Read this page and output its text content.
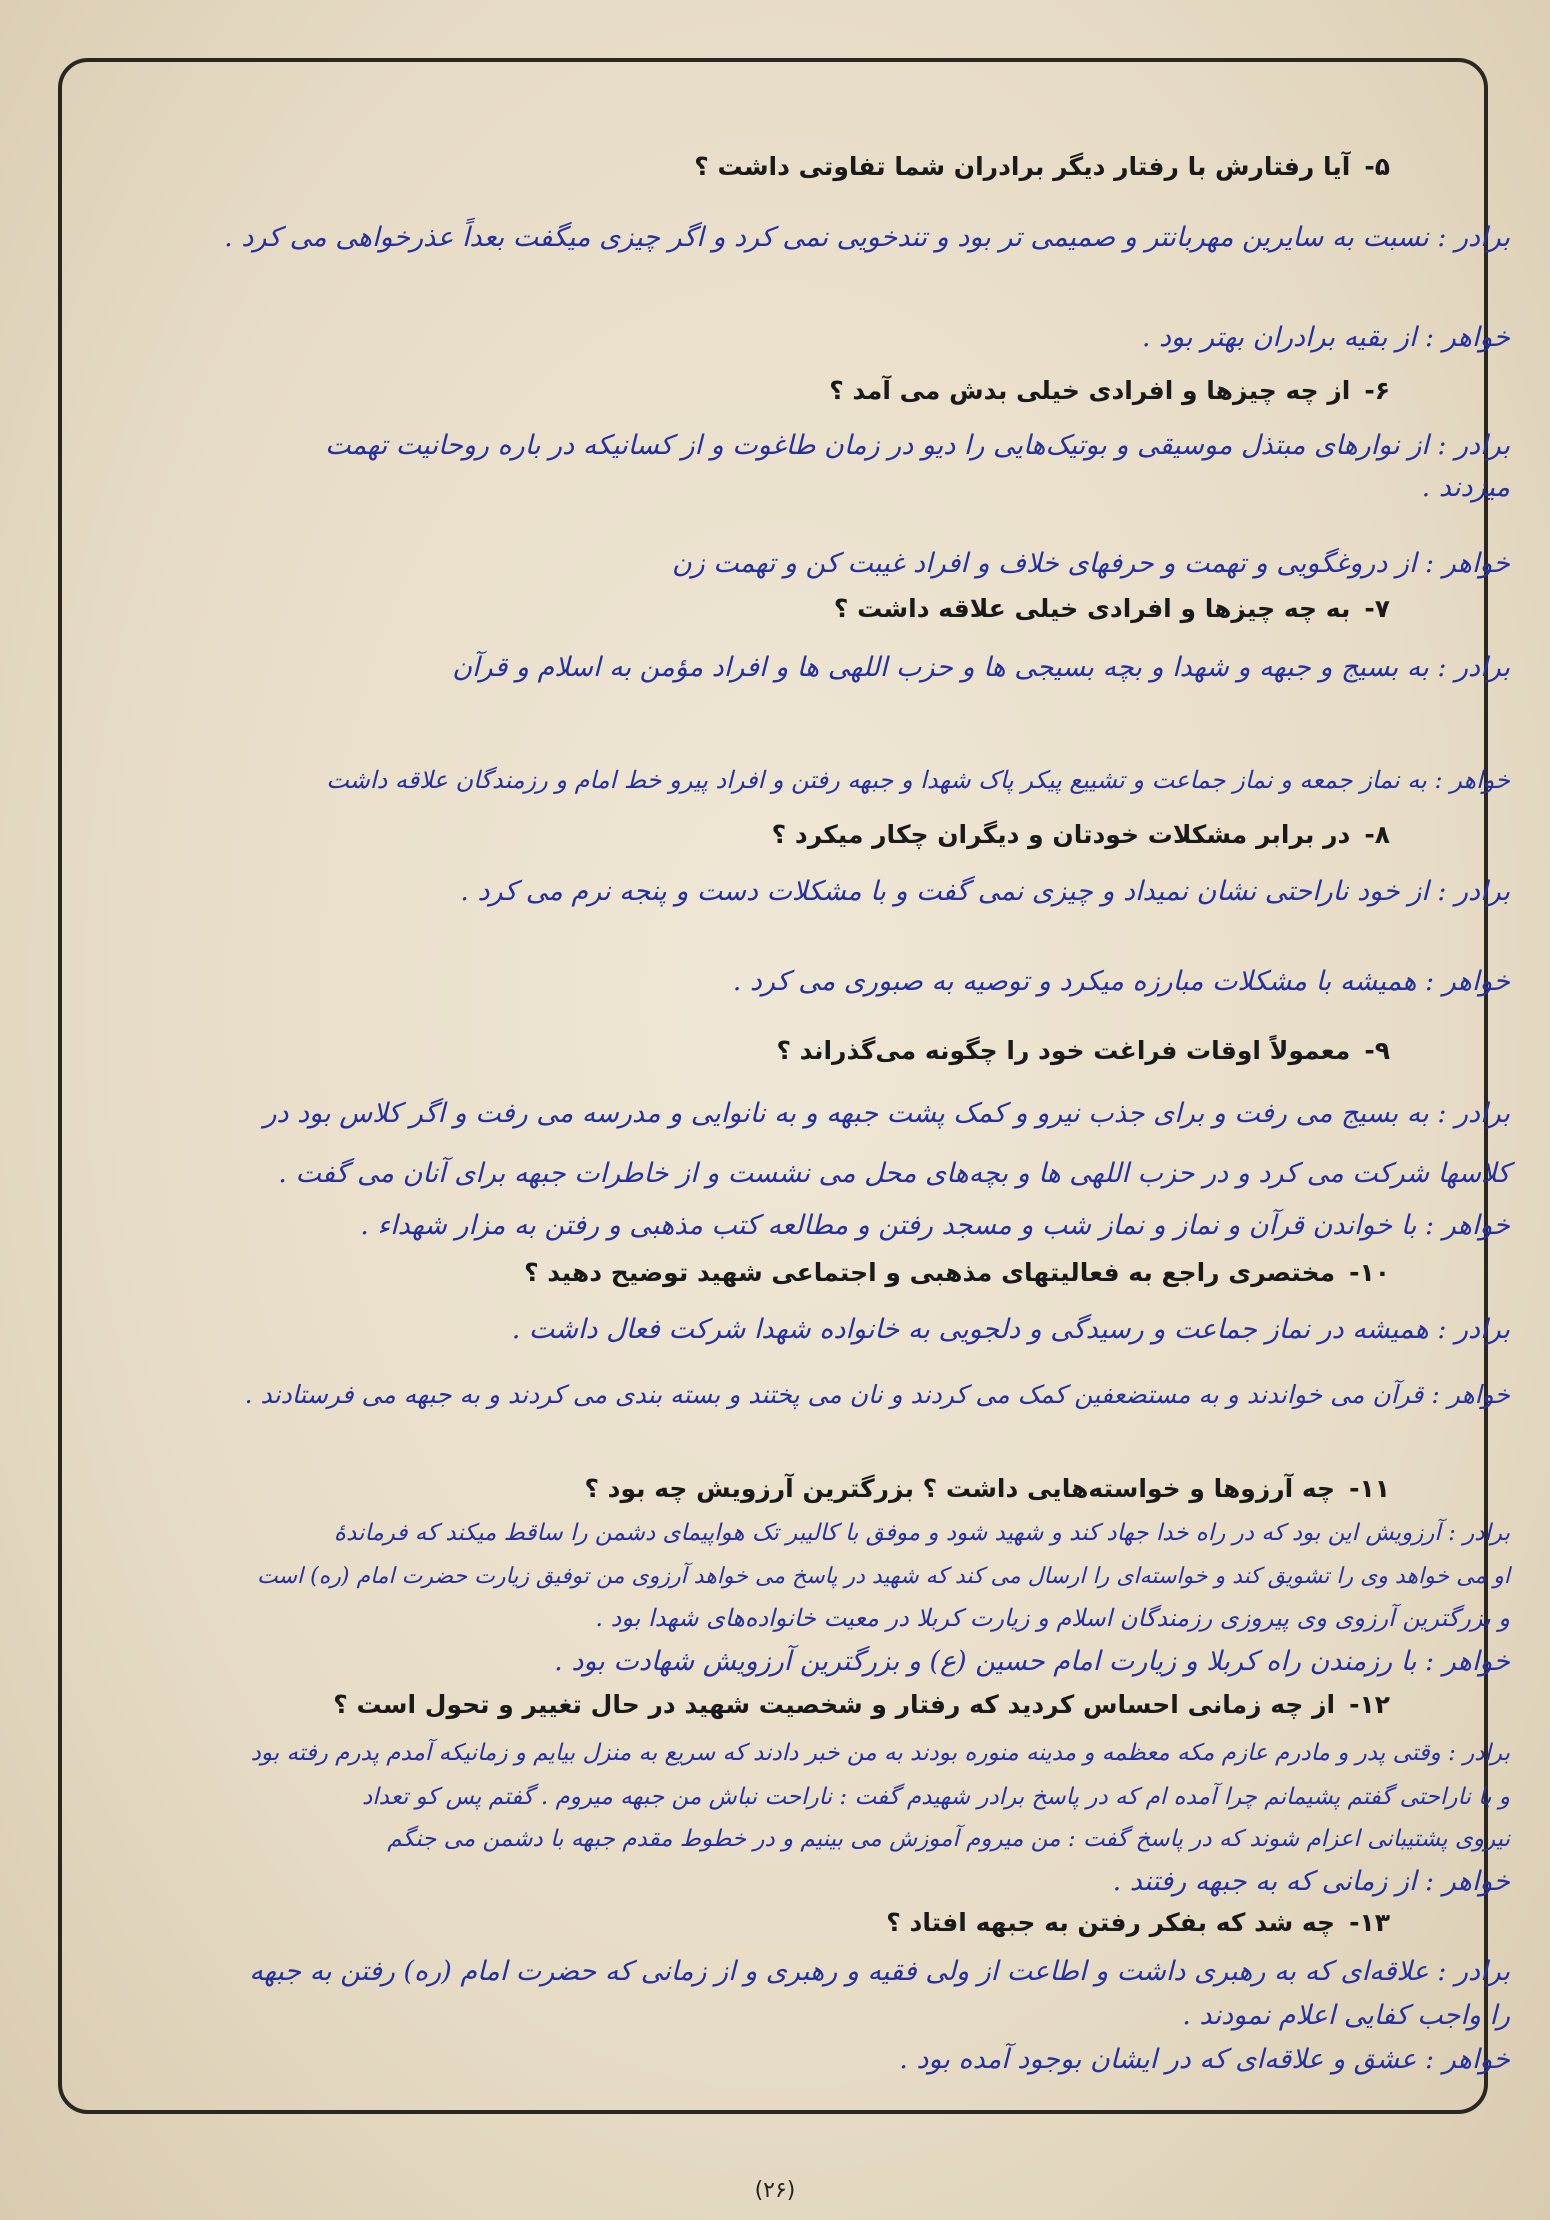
۵-آیا رفتارش با رفتار دیگر برادران شما تفاوتی داشت ؟
برادر : نسبت به سایرین مهربانتر و صمیمی تر بود و تندخویی نمی کرد و اگر چیزی میگفت بعداً عذرخواهی می کرد .
خواهر : از بقیه برادران بهتر بود .
۶-از چه چیزها و افرادی خیلی بدش می آمد ؟
برادر : از نوارهای مبتذل موسیقی و بوتیک‌هایی را دیو در زمان طاغوت و از کسانیکه در باره روحانیت تهمت
میزدند .
خواهر : از دروغگویی و تهمت و حرفهای خلاف و افراد غیبت کن و تهمت زن
۷-به چه چیزها و افرادی خیلی علاقه داشت ؟
برادر : به بسیج و جبهه و شهدا و بچه بسیجی ها و حزب اللهی ها و افراد مؤمن به اسلام و قرآن
خواهر : به نماز جمعه و نماز جماعت و تشییع پیکر پاک شهدا و جبهه رفتن و افراد پیرو خط امام و رزمندگان علاقه داشت
۸-در برابر مشکلات خودتان و دیگران چکار میکرد ؟
برادر : از خود ناراحتی نشان نمیداد و چیزی نمی گفت و با مشکلات دست و پنجه نرم می کرد .
خواهر : همیشه با مشکلات مبارزه میکرد و توصیه به صبوری می کرد .
۹-معمولاً اوقات فراغت خود را چگونه می‌گذراند ؟
برادر : به بسیج می رفت و برای جذب نیرو و کمک پشت جبهه و به نانوایی و مدرسه می رفت و اگر کلاس بود در
کلاسها شرکت می کرد و در حزب اللهی ها و بچه‌های محل می نشست و از خاطرات جبهه برای آنان می گفت .
خواهر : با خواندن قرآن و نماز و نماز شب و مسجد رفتن و مطالعه کتب مذهبی و رفتن به مزار شهداء .
۱۰-مختصری راجع به فعالیتهای مذهبی و اجتماعی شهید توضیح دهید ؟
برادر : همیشه در نماز جماعت و رسیدگی و دلجویی به خانواده شهدا شرکت فعال داشت .
خواهر : قرآن می خواندند و به مستضعفین کمک می کردند و نان می پختند و بسته بندی می کردند و به جبهه می فرستادند .
۱۱-چه آرزوها و خواسته‌هایی داشت ؟ بزرگترین آرزویش چه بود ؟
برادر : آرزویش این بود که در راه خدا جهاد کند و شهید شود و موفق با کالیبر تک هواپیمای دشمن را ساقط میکند که فرماندهٔ
او می خواهد وی را تشویق کند و خواسته‌ای را ارسال می کند که شهید در پاسخ می خواهد آرزوی من توفیق زیارت حضرت امام (ره) است
و بزرگترین آرزوی وی پیروزی رزمندگان اسلام و زیارت کربلا در معیت خانواده‌های شهدا بود .
خواهر : با رزمندن راه کربلا و زیارت امام حسین (ع) و بزرگترین آرزویش شهادت بود .
۱۲-از چه زمانی احساس کردید که رفتار و شخصیت شهید در حال تغییر و تحول است ؟
برادر : وقتی پدر و مادرم عازم مکه معظمه و مدینه منوره بودند به من خبر دادند که سریع به منزل بیایم و زمانیکه آمدم پدرم رفته بود
و با ناراحتی گفتم پشیمانم چرا آمده ام که در پاسخ برادر شهیدم گفت : ناراحت نباش من جبهه میروم . گفتم پس کو تعداد
نیروی پشتیبانی اعزام شوند که در پاسخ گفت : من میروم آموزش می بینیم و در خطوط مقدم جبهه با دشمن می جنگم
خواهر : از زمانی که به جبهه رفتند .
۱۳-چه شد که بفکر رفتن به جبهه افتاد ؟
برادر : علاقه‌ای که به رهبری داشت و اطاعت از ولی فقیه و رهبری و از زمانی که حضرت امام (ره) رفتن به جبهه
را واجب کفایی اعلام نمودند .
خواهر : عشق و علاقه‌ای که در ایشان بوجود آمده بود .
(۲۶)
